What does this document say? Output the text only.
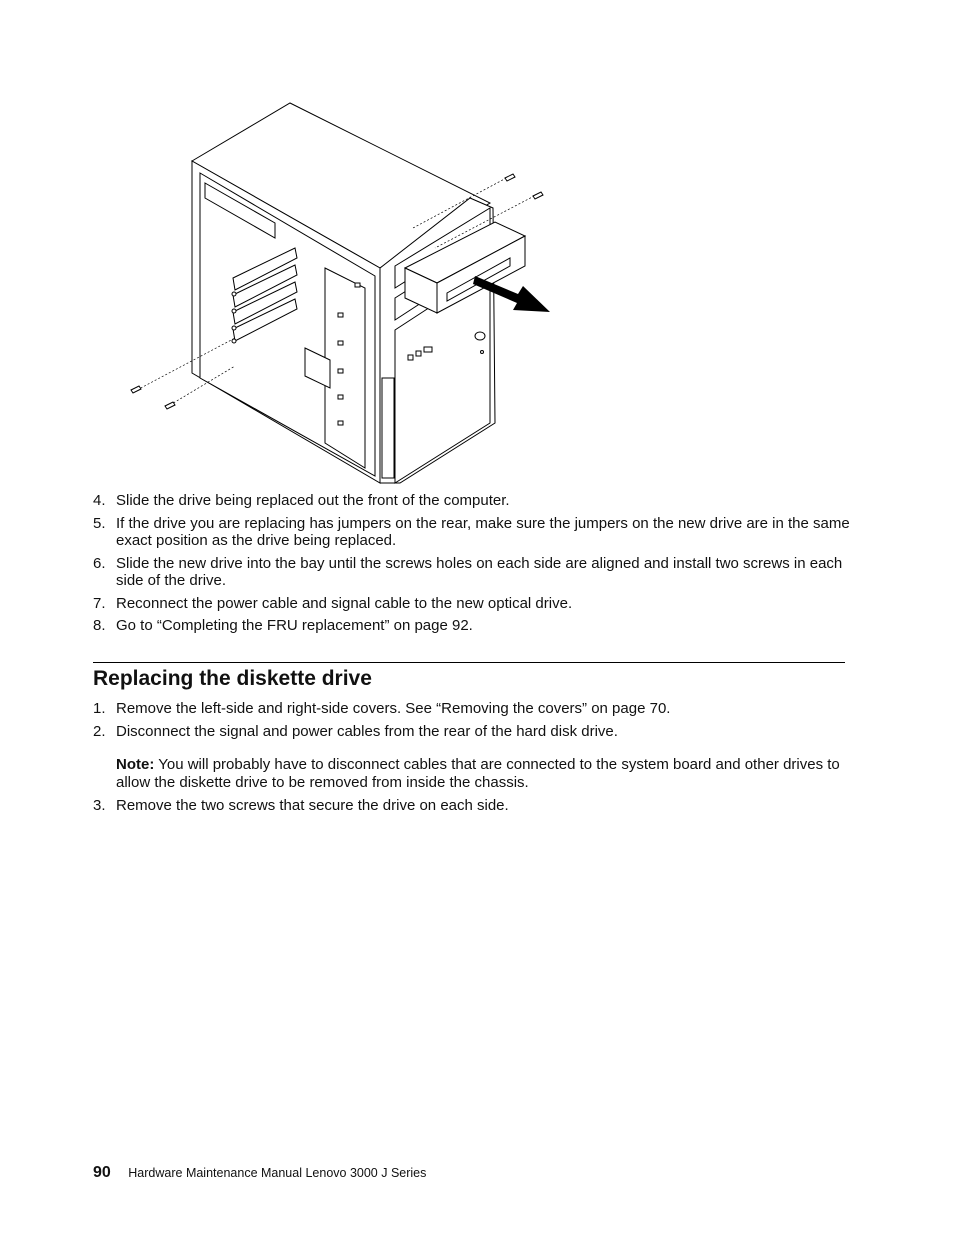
4. Slide the drive being replaced out the front of the computer.
5. If the drive you are replacing has jumpers on the rear, make sure the jumpers on the new drive are in the same exact position as the drive being replaced.
6. Slide the new drive into the bay until the screws holes on each side are aligned and install two screws in each side of the drive.
7. Reconnect the power cable and signal cable to the new optical drive.
8. Go to “Completing the FRU replacement” on page 92.
Replacing the diskette drive
1. Remove the left-side and right-side covers. See “Removing the covers” on page 70.
2. Disconnect the signal and power cables from the rear of the hard disk drive.
Note: You will probably have to disconnect cables that are connected to the system board and other drives to allow the diskette drive to be removed from inside the chassis.
3. Remove the two screws that secure the drive on each side.
90 Hardware Maintenance Manual Lenovo 3000 J Series
